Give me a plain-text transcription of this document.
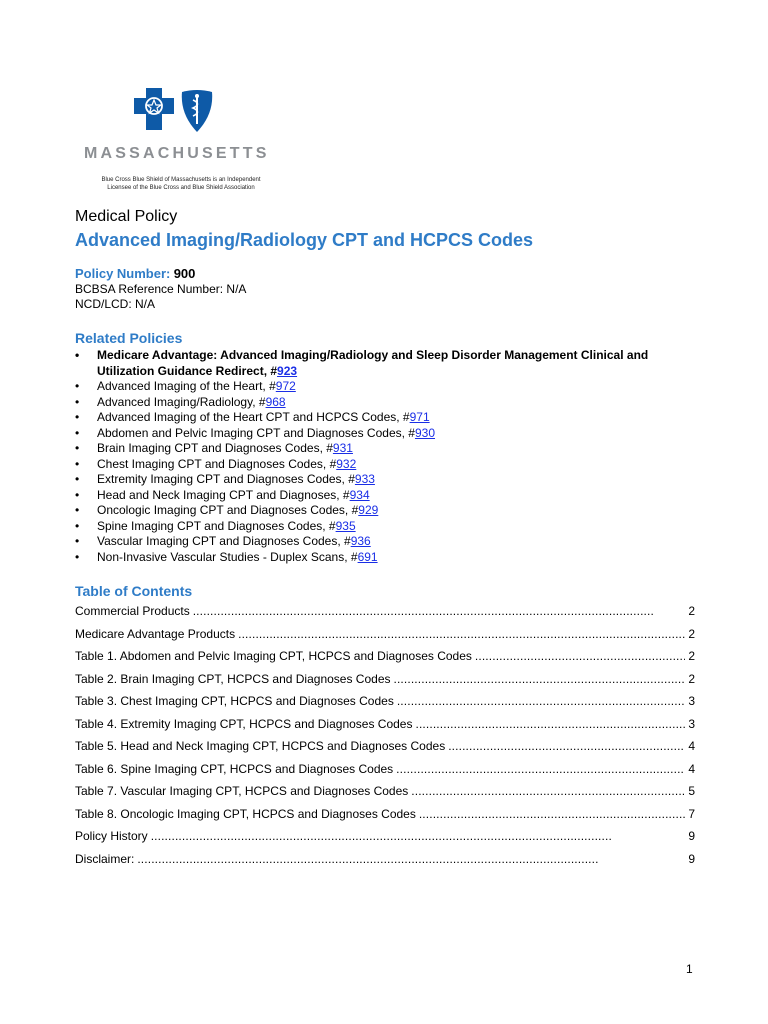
MASSACHUSETTS
Blue Cross Blue Shield of Massachusetts is an Independent
Licensee of the Blue Cross and Blue Shield Association
Medical Policy
Advanced Imaging/Radiology CPT and HCPCS Codes
Policy Number: 900
BCBSA Reference Number: N/A
NCD/LCD: N/A
Related Policies
• Medicare Advantage: Advanced Imaging/Radiology and Sleep Disorder Management Clinical and Utilization Guidance Redirect, #923
• Advanced Imaging of the Heart, #972
• Advanced Imaging/Radiology, #968
• Advanced Imaging of the Heart CPT and HCPCS Codes, #971
• Abdomen and Pelvic Imaging CPT and Diagnoses Codes, #930
• Brain Imaging CPT and Diagnoses Codes, #931
• Chest Imaging CPT and Diagnoses Codes, #932
• Extremity Imaging CPT and Diagnoses Codes, #933
• Head and Neck Imaging CPT and Diagnoses, #934
• Oncologic Imaging CPT and Diagnoses Codes, #929
• Spine Imaging CPT and Diagnoses Codes, #935
• Vascular Imaging CPT and Diagnoses Codes, #936
• Non-Invasive Vascular Studies - Duplex Scans, #691
Table of Contents
Commercial Products . . .	2
Medicare Advantage Products . . .	2
Table 1. Abdomen and Pelvic Imaging CPT, HCPCS and Diagnoses Codes . . .	2
Table 2. Brain Imaging CPT, HCPCS and Diagnoses Codes . . .	2
Table 3. Chest Imaging CPT, HCPCS and Diagnoses Codes . . .	3
Table 4. Extremity Imaging CPT, HCPCS and Diagnoses Codes . . .	3
Table 5. Head and Neck Imaging CPT, HCPCS and Diagnoses Codes . . .	4
Table 6. Spine Imaging CPT, HCPCS and Diagnoses Codes . . .	4
Table 7. Vascular Imaging CPT, HCPCS and Diagnoses Codes . . .	5
Table 8. Oncologic Imaging CPT, HCPCS and Diagnoses Codes . . .	7
Policy History . . .	9
Disclaimer: . . .	9
1
